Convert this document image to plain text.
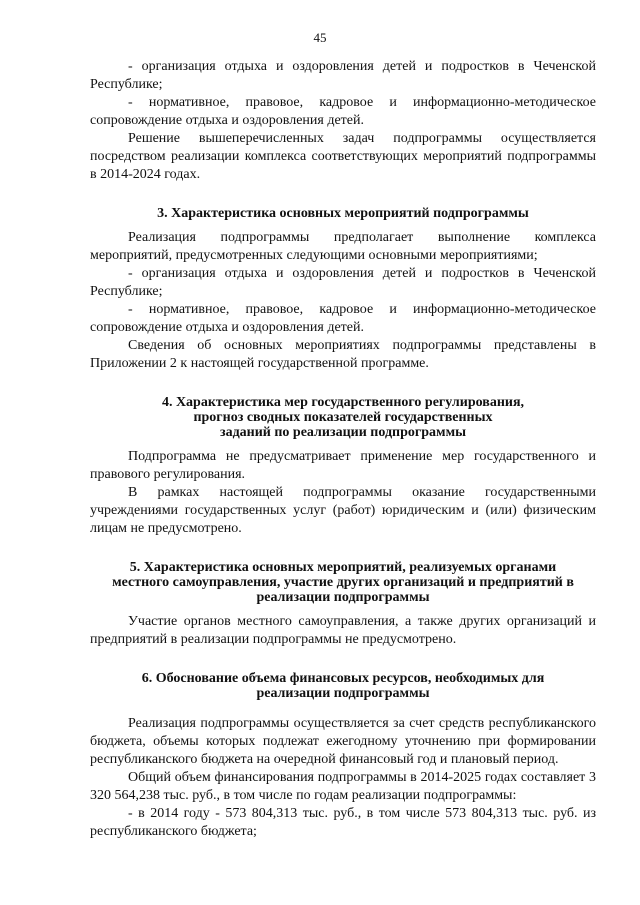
45

- организация отдыха и оздоровления детей и подростков в Чеченской Республике;

- нормативное, правовое, кадровое и информационно-методическое сопровождение отдыха и оздоровления детей.

Решение вышеперечисленных задач подпрограммы осуществляется посредством реализации комплекса соответствующих мероприятий подпрограммы в 2014-2024 годах.

3. Характеристика основных мероприятий подпрограммы

Реализация подпрограммы предполагает выполнение комплекса мероприятий, предусмотренных следующими основными мероприятиями;

- организация отдыха и оздоровления детей и подростков в Чеченской Республике;

- нормативное, правовое, кадровое и информационно-методическое сопровождение отдыха и оздоровления детей.

Сведения об основных мероприятиях подпрограммы представлены в Приложении 2 к настоящей государственной программе.

4. Характеристика мер государственного регулирования,
прогноз сводных показателей государственных
заданий по реализации подпрограммы

Подпрограмма не предусматривает применение мер государственного и правового регулирования.

В рамках настоящей подпрограммы оказание государственными учреждениями государственных услуг (работ) юридическим и (или) физическим лицам не предусмотрено.

5. Характеристика основных мероприятий, реализуемых органами
местного самоуправления, участие других организаций и предприятий в
реализации подпрограммы

Участие органов местного самоуправления, а также других организаций и предприятий в реализации подпрограммы не предусмотрено.

6. Обоснование объема финансовых ресурсов, необходимых для
реализации подпрограммы

Реализация подпрограммы осуществляется за счет средств республиканского бюджета, объемы которых подлежат ежегодному уточнению при формировании республиканского бюджета на очередной финансовый год и плановый период.

Общий объем финансирования подпрограммы в 2014-2025 годах составляет 3 320 564,238 тыс. руб., в том числе по годам реализации подпрограммы:

- в 2014 году - 573 804,313 тыс. руб., в том числе 573 804,313 тыс. руб. из республиканского бюджета;
